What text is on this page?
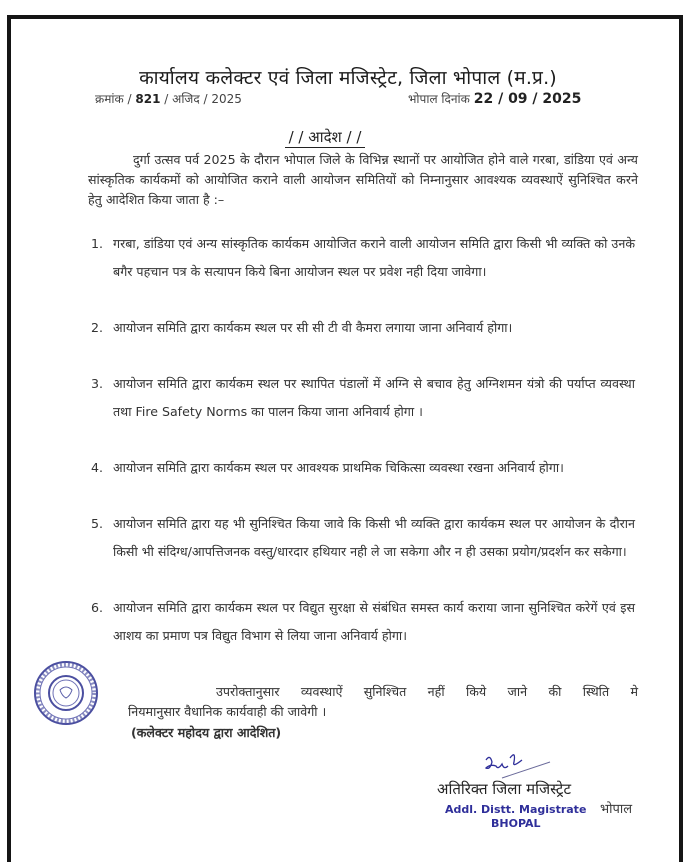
कार्यालय कलेक्टर एवं जिला मजिस्ट्रेट, जिला भोपाल (म.प्र.)
क्रमांक / 821 / अजिद / 2025	भोपाल दिनांक 22 / 09 / 2025
/ / आदेश / /
दुर्गा उत्सव पर्व 2025 के दौरान भोपाल जिले के विभिन्न स्थानों पर आयोजित होने वाले गरबा, डांडिया एवं अन्य सांस्कृतिक कार्यकमों को आयोजित कराने वाली आयोजन समितियों को निम्नानुसार आवश्यक व्यवस्थाऐं सुनिश्चित करने हेतु आदेशित किया जाता है :–
1. गरबा, डांडिया एवं अन्य सांस्कृतिक कार्यकम आयोजित कराने वाली आयोजन समिति द्वारा किसी भी व्यक्ति को उनके बगैर पहचान पत्र के सत्यापन किये बिना आयोजन स्थल पर प्रवेश नही दिया जावेगा।
2. आयोजन समिति द्वारा कार्यकम स्थल पर सी सी टी वी कैमरा लगाया जाना अनिवार्य होगा।
3. आयोजन समिति द्वारा कार्यकम स्थल पर स्थापित पंडालों में अग्नि से बचाव हेतु अग्निशमन यंत्रो की पर्याप्त व्यवस्था तथा Fire Safety Norms का पालन किया जाना अनिवार्य होगा ।
4. आयोजन समिति द्वारा कार्यकम स्थल पर आवश्यक प्राथमिक चिकित्सा व्यवस्था रखना अनिवार्य होगा।
5. आयोजन समिति द्वारा यह भी सुनिश्चित किया जावे कि किसी भी व्यक्ति द्वारा कार्यकम स्थल पर आयोजन के दौरान किसी भी संदिग्ध/आपत्तिजनक वस्तु/धारदार हथियार नही ले जा सकेगा और न ही उसका प्रयोग/प्रदर्शन कर सकेगा।
6. आयोजन समिति द्वारा कार्यकम स्थल पर विद्युत सुरक्षा से संबंधित समस्त कार्य कराया जाना सुनिश्चित करेगें एवं इस आशय का प्रमाण पत्र विद्युत विभाग से लिया जाना अनिवार्य होगा।
उपरोक्तानुसार व्यवस्थाऐं सुनिश्चित नहीं किये जाने की स्थिति मे
नियमानुसार वैधानिक कार्यवाही की जावेगी ।
(कलेक्टर महोदय द्वारा आदेशित)
अतिरिक्त जिला मजिस्ट्रेट
Addl. Distt. Magistrate
BHOPAL
भोपाल
